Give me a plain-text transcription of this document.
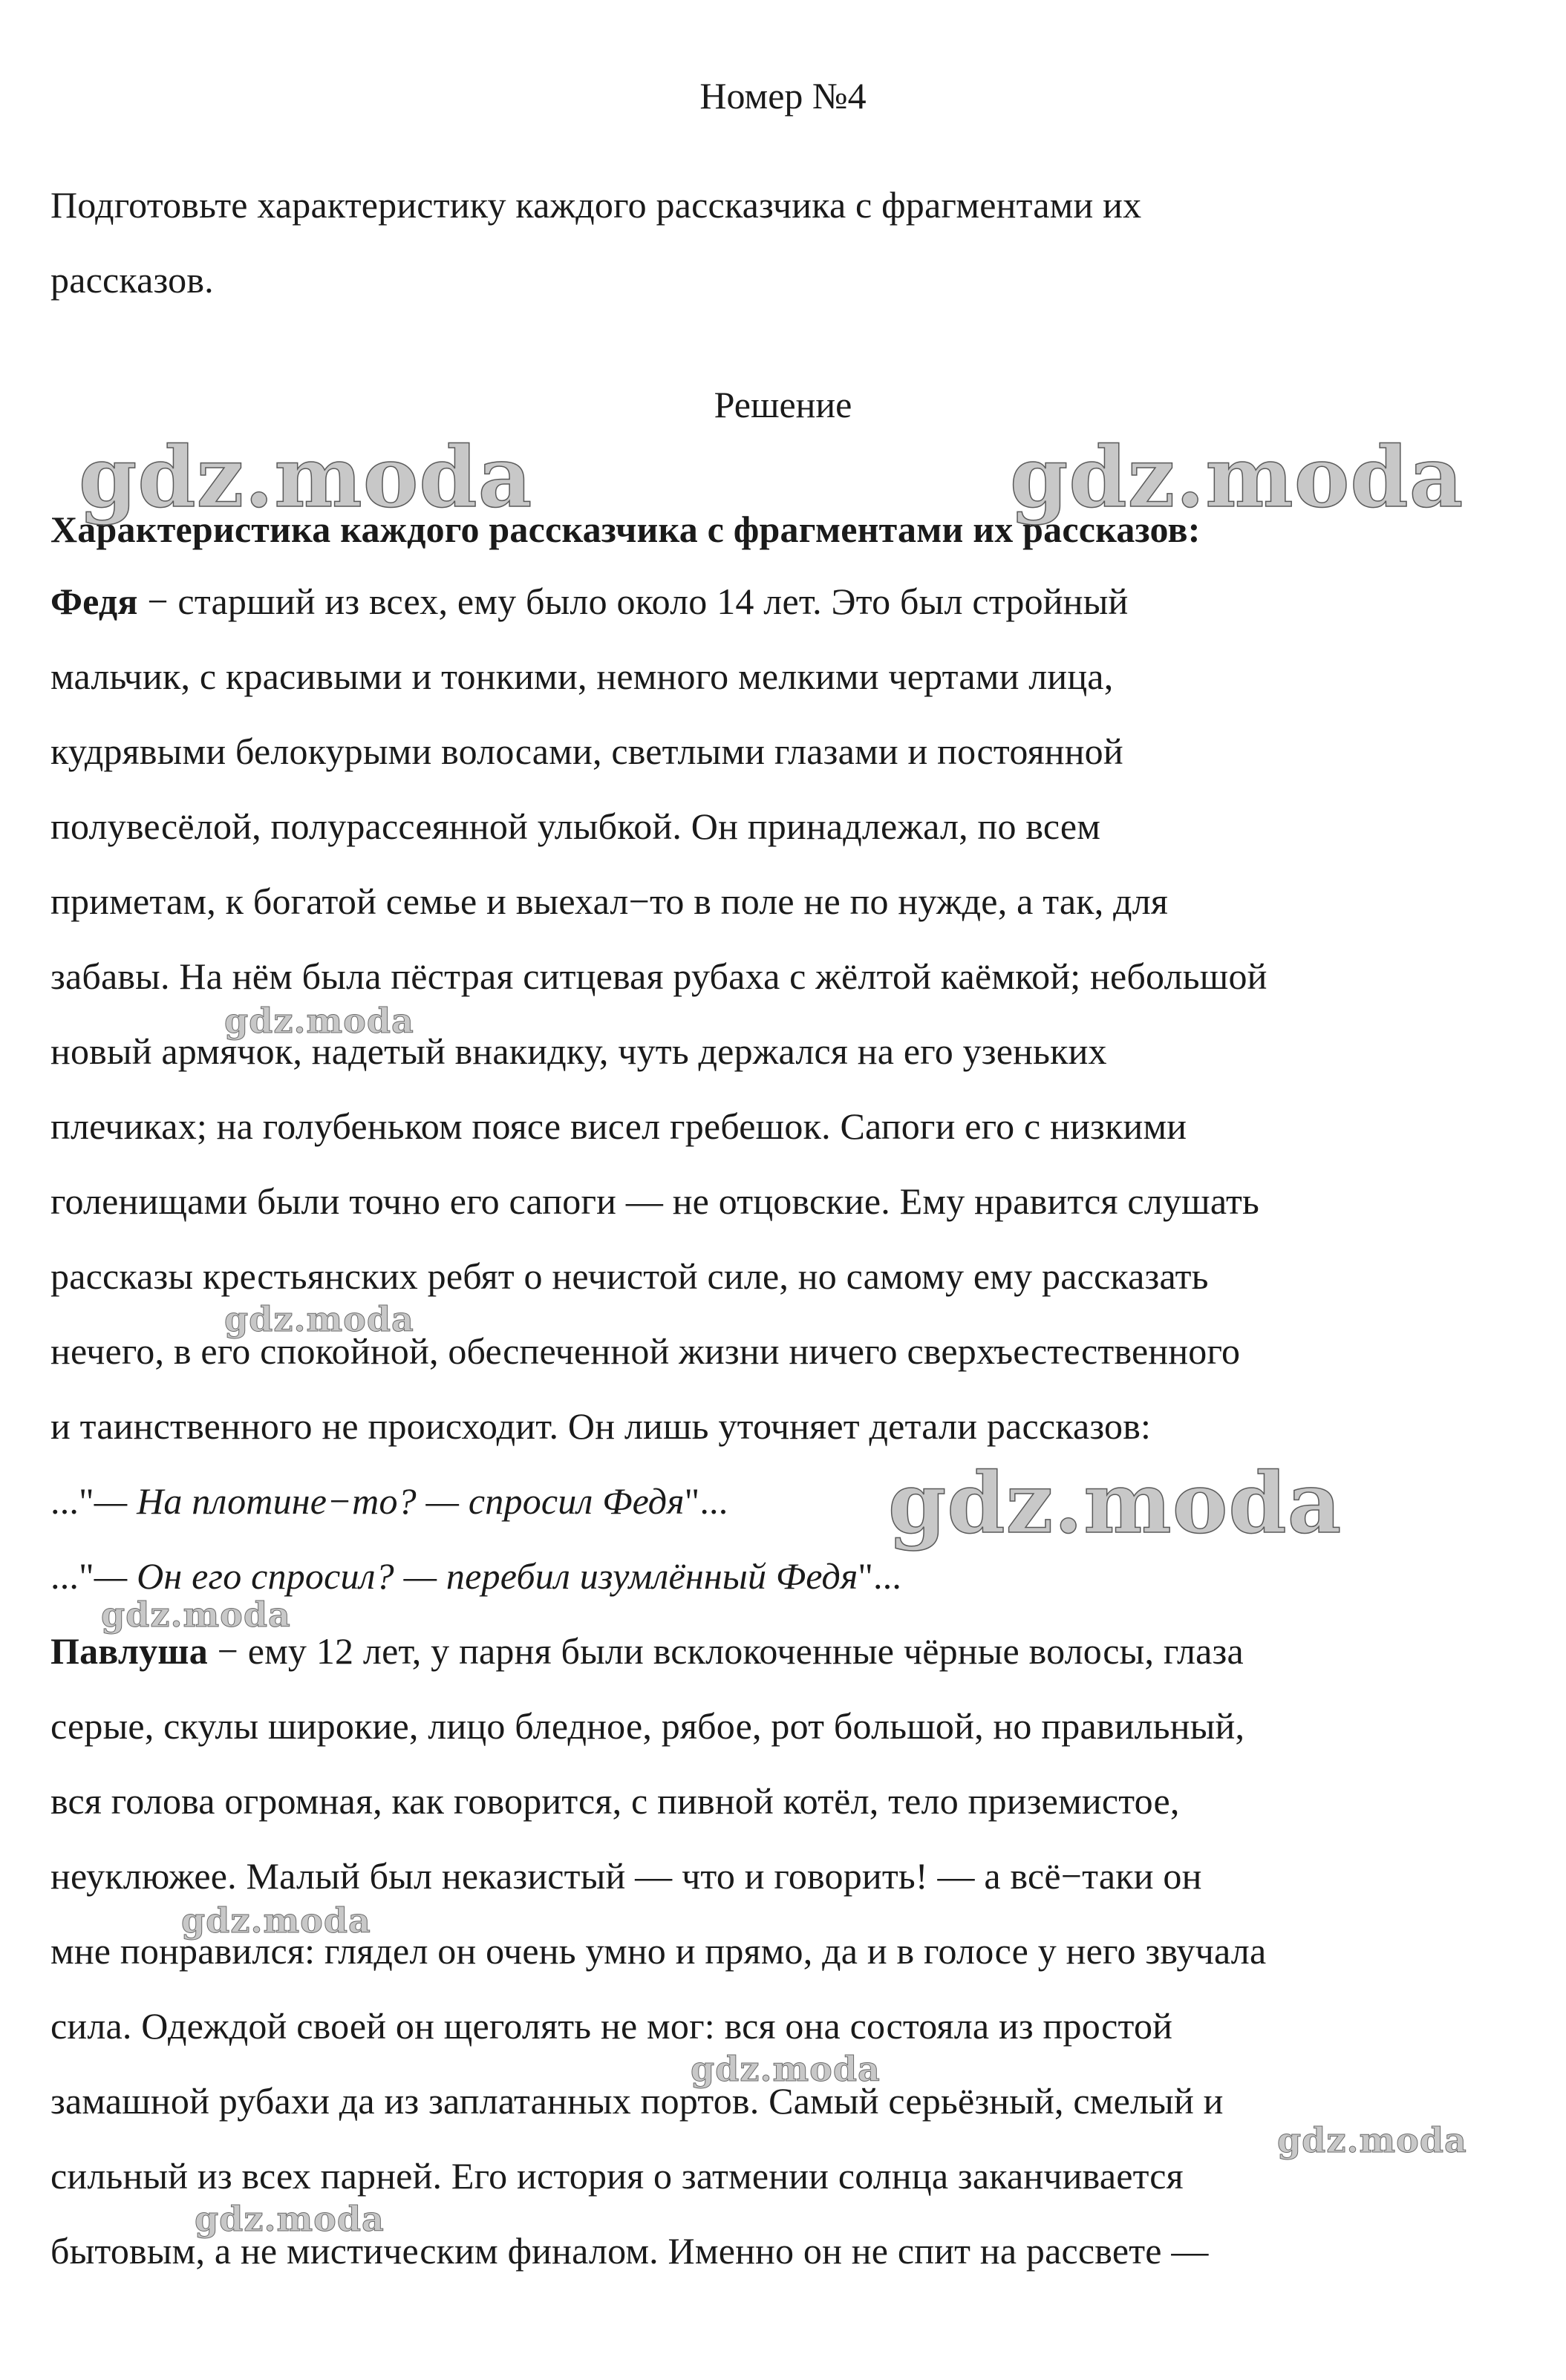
Номер №4
Подготовьте характеристику каждого рассказчика с фрагментами их
рассказов.
Решение
Характеристика каждого рассказчика с фрагментами их рассказов:
Федя − старший из всех, ему было около 14 лет. Это был стройный
мальчик, с красивыми и тонкими, немного мелкими чертами лица,
кудрявыми белокурыми волосами, светлыми глазами и постоянной
полувесёлой, полурассеянной улыбкой. Он принадлежал, по всем
приметам, к богатой семье и выехал−то в поле не по нужде, а так, для
забавы. На нём была пёстрая ситцевая рубаха с жёлтой каёмкой; небольшой
новый армячок, надетый внакидку, чуть держался на его узеньких
плечиках; на голубеньком поясе висел гребешок. Сапоги его с низкими
голенищами были точно его сапоги — не отцовские. Ему нравится слушать
рассказы крестьянских ребят о нечистой силе, но самому ему рассказать
нечего, в его спокойной, обеспеченной жизни ничего сверхъестественного
и таинственного не происходит. Он лишь уточняет детали рассказов:
..."— На плотине−то? — спросил Федя"...
..."— Он его спросил? — перебил изумлённый Федя"...
Павлуша − ему 12 лет, у парня были всклокоченные чёрные волосы, глаза
серые, скулы широкие, лицо бледное, рябое, рот большой, но правильный,
вся голова огромная, как говорится, с пивной котёл, тело приземистое,
неуклюжее. Малый был неказистый — что и говорить! — а всё−таки он
мне понравился: глядел он очень умно и прямо, да и в голосе у него звучала
сила. Одеждой своей он щеголять не мог: вся она состояла из простой
замашной рубахи да из заплатанных портов. Самый серьёзный, смелый и
сильный из всех парней. Его история о затмении солнца заканчивается
бытовым, а не мистическим финалом. Именно он не спит на рассвете —
gdz.moda	gdz.moda
gdz.moda
gdz.moda
gdz.moda
gdz.moda
gdz.moda
gdz.moda
gdz.moda
gdz.moda
